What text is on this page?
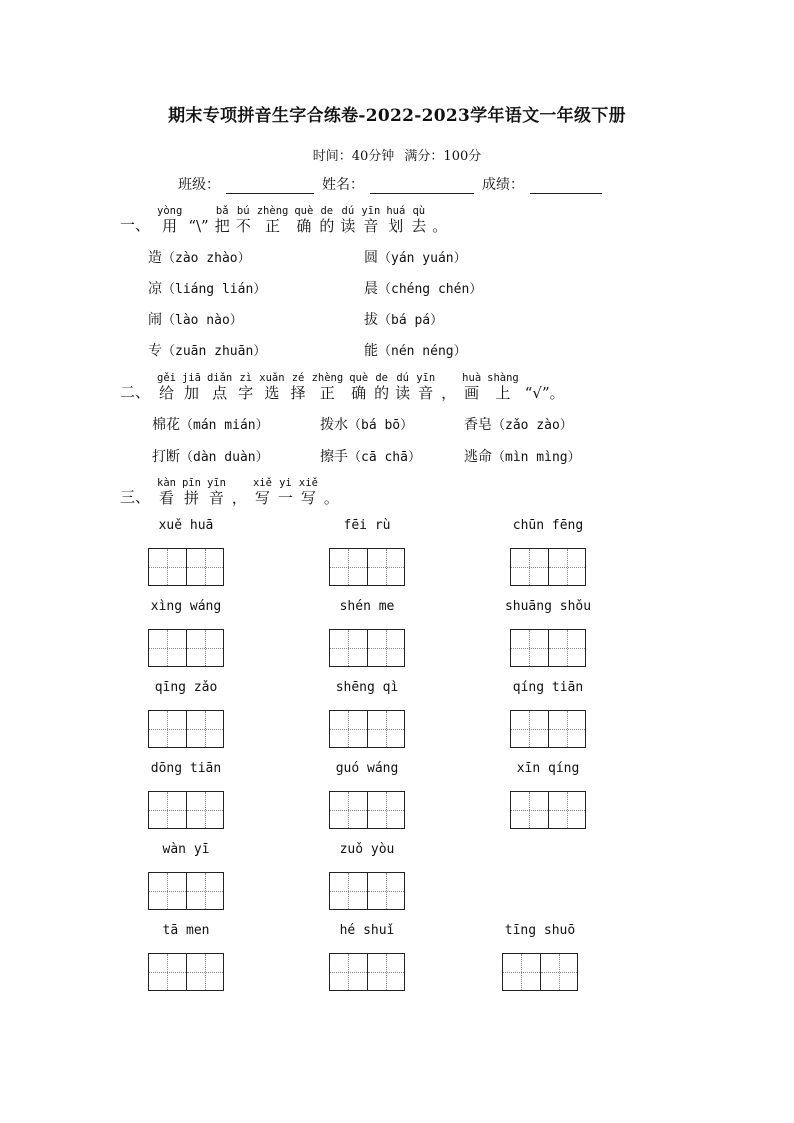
期末专项拼音生字合练卷-2022-2023学年语文一年级下册
时间：40分钟 满分：100分
班级：	姓名：	成绩：
一、
yòng
用 “\”
bǎ
把
bú
不
zhèng
正
què
确
de
的
dú
读
yīn
音
huá
划
qù
去 。
造（zào zhào）	圆（yán yuán）
凉（liáng lián）	晨（chéng chén）
闹（lào nào）	拔（bá pá）
专（zuān zhuān）	能（nén néng）
二、
gěi
给
jiā
加
diǎn
点
zì
字
xuǎn
选
zé
择
zhèng
正
què
确
de
的
dú
读
yīn
音 ，
huà
画
shàng
上 “√”。
棉花（mán mián）	拨水（bá bō）	香皂（zǎo zào）
打断（dàn duàn）	擦手（cā chā）	逃命（mìn mìng）
三、
kàn
看
pīn
拼
yīn
音 ，
xiě
写
yi
一
xiě
写 。
xuě huā	fēi rù	chūn fēng
xìng wáng	shén me	shuāng shǒu
qīng zǎo	shēng qì	qíng tiān
dōng tiān	guó wáng	xīn qíng
wàn yī	zuǒ yòu
tā men	hé shuǐ	tīng shuō
